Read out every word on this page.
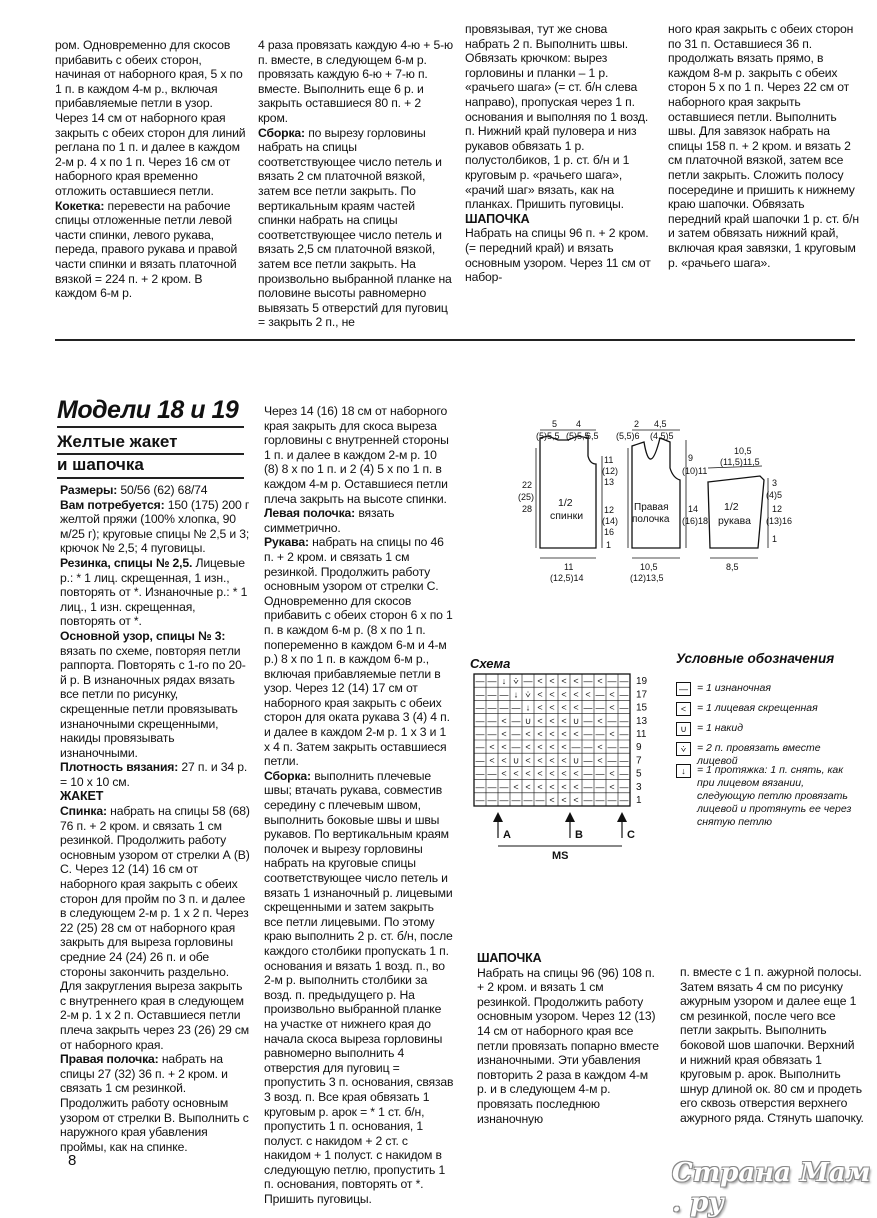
ром. Одновременно для скосов прибавить с обеих сторон, начиная от наборного края, 5 х по 1 п. в каждом 4-м р., включая прибавляемые петли в узор. Через 14 см от наборного края закрыть с обеих сторон для линий реглана по 1 п. и далее в каждом 2-м р. 4 х по 1 п. Через 16 см от наборного края временно отложить оставшиеся петли.

Кокетка: перевести на рабочие спицы отложенные петли левой части спинки, левого рукава, переда, правого рукава и правой части спинки и вязать платочной вязкой = 224 п. + 2 кром. В каждом 6-м р.

4 раза провязать каждую 4-ю + 5-ю п. вместе, в следующем 6-м р. провязать каждую 6-ю + 7-ю п. вместе. Выполнить еще 6 р. и закрыть оставшиеся 80 п. + 2 кром.

Сборка: по вырезу горловины набрать на спицы соответствующее число петель и вязать 2 см платочной вязкой, затем все петли закрыть. По вертикальным краям частей спинки набрать на спицы соответствующее число петель и вязать 2,5 см платочной вязкой, затем все петли закрыть. На произвольно выбранной планке на половине высоты равномерно вывязать 5 отверстий для пуговиц = закрыть 2 п., не

провязывая, тут же снова набрать 2 п. Выполнить швы. Обвязать крючком: вырез горловины и планки – 1 р. «рачьего шага» (= ст. б/н слева направо), пропуская через 1 п. основания и выполняя по 1 возд. п. Нижний край пуловера и низ рукавов обвязать 1 р. полустолбиков, 1 р. ст. б/н и 1 круговым р. «рачьего шага», «рачий шаг» вязать, как на планках. Пришить пуговицы.

ШАПОЧКА

Набрать на спицы 96 п. + 2 кром. (= передний край) и вязать основным узором. Через 11 см от набор-

ного края закрыть с обеих сторон по 31 п. Оставшиеся 36 п. продолжать вязать прямо, в каждом 8-м р. закрыть с обеих сторон 5 х по 1 п. Через 22 см от наборного края закрыть оставшиеся петли. Выполнить швы. Для завязок набрать на спицы 158 п. + 2 кром. и вязать 2 см платочной вязкой, затем все петли закрыть. Сложить полосу посередине и пришить к нижнему краю шапочки. Обвязать передний край шапочки 1 р. ст. б/н и затем обвязать нижний край, включая края завязки, 1 круговым р. «рачьего шага».

Модели 18 и 19
Желтые жакет
и шапочка

Размеры: 50/56 (62) 68/74

Вам потребуется: 150 (175) 200 г желтой пряжи (100% хлопка, 90 м/25 г); круговые спицы № 2,5 и 3; крючок № 2,5; 4 пуговицы.

Резинка, спицы № 2,5. Лицевые р.: * 1 лиц. скрещенная, 1 изн., повторять от *. Изнаночные р.: * 1 лиц., 1 изн. скрещенная, повторять от *.

Основной узор, спицы № 3: вязать по схеме, повторяя петли раппорта. Повторять с 1-го по 20-й р. В изнаночных рядах вязать все петли по рисунку, скрещенные петли провязывать изнаночными скрещенными, накиды провязывать изнаночными.

Плотность вязания: 27 п. и 34 р. = 10 х 10 см.

ЖАКЕТ

Спинка: набрать на спицы 58 (68) 76 п. + 2 кром. и связать 1 см резинкой. Продолжить работу основным узором от стрелки А (В) С. Через 12 (14) 16 см от наборного края закрыть с обеих сторон для пройм по 3 п. и далее в следующем 2-м р. 1 х 2 п. Через 22 (25) 28 см от наборного края закрыть для выреза горловины средние 24 (24) 26 п. и обе стороны закончить раздельно. Для закругления выреза закрыть с внутреннего края в следующем 2-м р. 1 х 2 п. Оставшиеся петли плеча закрыть через 23 (26) 29 см от наборного края.

Правая полочка: набрать на спицы 27 (32) 36 п. + 2 кром. и связать 1 см резинкой. Продолжить работу основным узором от стрелки В. Выполнить с наружного края убавления проймы, как на спинке.

Через 14 (16) 18 см от наборного края закрыть для скоса выреза горловины с внутренней стороны 1 п. и далее в каждом 2-м р. 10 (8) 8 х по 1 п. и 2 (4) 5 х по 1 п. в каждом 4-м р. Оставшиеся петли плеча закрыть на высоте спинки.

Левая полочка: вязать симметрично.

Рукава: набрать на спицы по 46 п. + 2 кром. и связать 1 см резинкой. Продолжить работу основным узором от стрелки С. Одновременно для скосов прибавить с обеих сторон 6 х по 1 п. в каждом 6-м р. (8 х по 1 п. попеременно в каждом 6-м и 4-м р.) 8 х по 1 п. в каждом 6-м р., включая прибавляемые петли в узор. Через 12 (14) 17 см от наборного края закрыть с обеих сторон для оката рукава 3 (4) 4 п. и далее в каждом 2-м р. 1 х 3 и 1 х 4 п. Затем закрыть оставшиеся петли.

Сборка: выполнить плечевые швы; втачать рукава, совместив середину с плечевым швом, выполнить боковые швы и швы рукавов. По вертикальным краям полочек и вырезу горловины набрать на круговые спицы соответствующее число петель и вязать 1 изнаночный р. лицевыми скрещенными и затем закрыть все петли лицевыми. По этому краю выполнить 2 р. ст. б/н, после каждого столбики пропускать 1 п. основания и вязать 1 возд. п., во 2-м р. выполнить столбики за возд. п. предыдущего р. На произвольно выбранной планке на участке от нижнего края до начала скоса выреза горловины равномерно выполнить 4 отверстия для пуговиц = пропустить 3 п. основания, связав 3 возд. п. Все края обвязать 1 круговым р. арок = * 1 ст. б/н, пропустить 1 п. основания, 1 полуст. с накидом + 2 ст. с накидом + 1 полуст. с накидом в следующую петлю, пропустить 1 п. основания, повторять от *. Пришить пуговицы.

ШАПОЧКА

Набрать на спицы 96 (96) 108 п. + 2 кром. и вязать 1 см резинкой. Продолжить работу основным узором. Через 12 (13) 14 см от наборного края все петли провязать попарно вместе изнаночными. Эти убавления повторить 2 раза в каждом 4-м р. и в следующем 4-м р. провязать последнюю изнаночную

п. вместе с 1 п. ажурной полосы. Затем вязать 4 см по рисунку ажурным узором и далее еще 1 см резинкой, после чего все петли закрыть. Выполнить боковой шов шапочки. Верхний и нижний края обвязать 1 круговым р. арок. Выполнить шнур длиной ок. 80 см и продеть его сквозь отверстия верхнего ажурного ряда. Стянуть шапочку.

1/2
спинки
Правая
полочка
1/2
рукава
5 4
(5)5,5 (5)5,5
6,5
22
(25)
28
11
(12)
13
12
(14)
16
1
11
(12,5)14
2 4,5
(5,5)6 (4,5)5
9
(10)11
14
(16)18
10,5
(12)13,5
10,5
(11,5)11,5
3
(4)5
12
(13)16
1
8,5
Схема
— — ↓ ⩒ — < < < < — < — — 19
— — — ↓ ⩒ < < < < < — < — 17
— — — — ↓ < < < < — — < — 15
— — < — ∪ < < < ∪ — < — — 13
— — < — < < < < < — — < — 11
— < < — < < < < — — < — — 9
— < < ∪ < < < < ∪ — < — — 7
— — < < < < < < < — — < — 5
— — — < < < < < < — — < — 3
— — — — — — < < < — — — — 1
A	B	C
MS
Условные обозначения
— = 1 изнаночная
<	= 1 лицевая скрещенная
∪ = 1 накид
⩒	= 2 п. провязать вместе лицевой
↓	= 1 протяжка: 1 п. снять, как при лицевом вязании, следующую петлю провязать лицевой и протянуть ее через снятую петлю
8	Страна Мам . ру
